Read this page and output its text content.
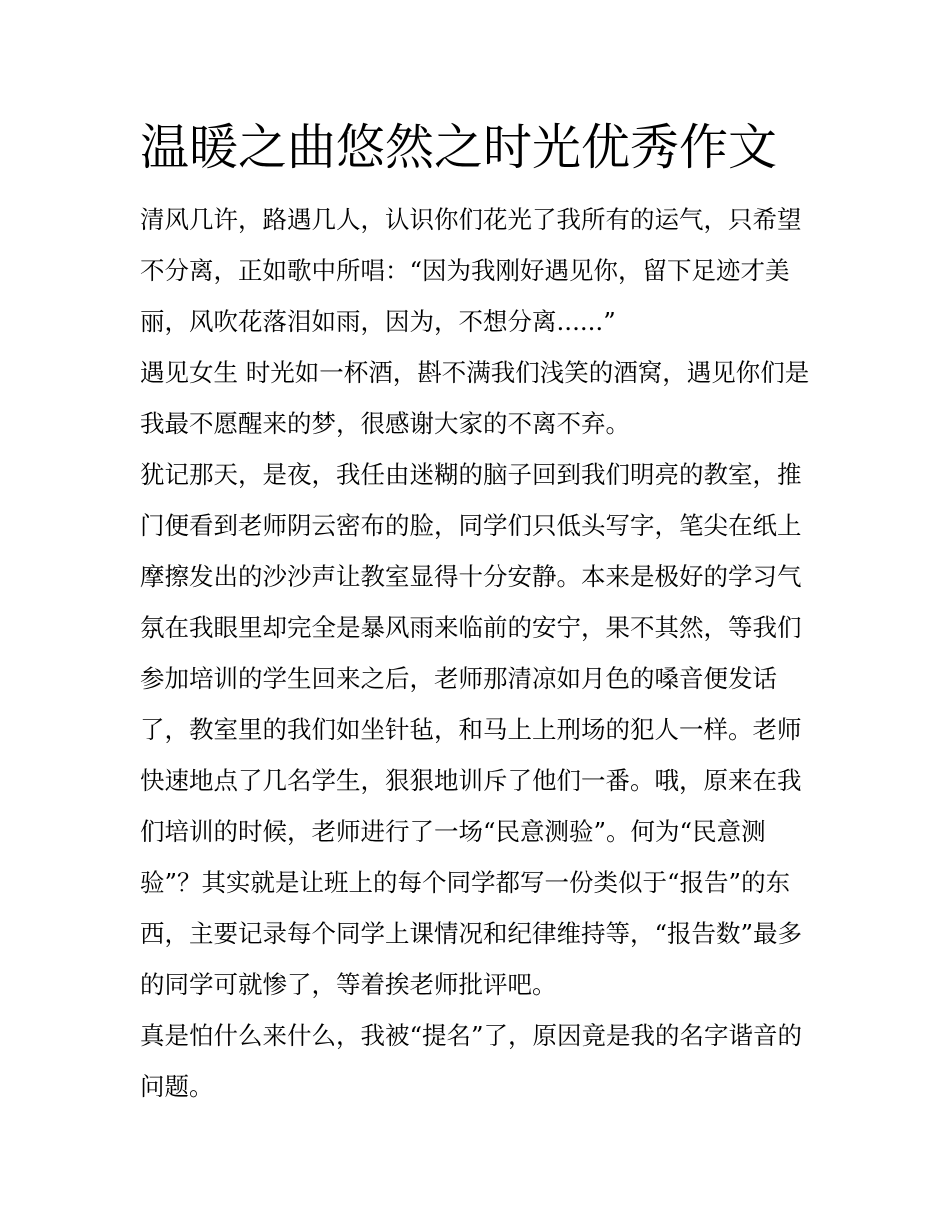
温暖之曲悠然之时光优秀作文

清风几许，路遇几人，认识你们花光了我所有的运气，只希望不分离，正如歌中所唱：“因为我刚好遇见你，留下足迹才美丽，风吹花落泪如雨，因为，不想分离......”

遇见女生 时光如一杯酒，斟不满我们浅笑的酒窝，遇见你们是我最不愿醒来的梦，很感谢大家的不离不弃。

犹记那天，是夜，我任由迷糊的脑子回到我们明亮的教室，推门便看到老师阴云密布的脸，同学们只低头写字，笔尖在纸上摩擦发出的沙沙声让教室显得十分安静。本来是极好的学习气氛在我眼里却完全是暴风雨来临前的安宁，果不其然，等我们参加培训的学生回来之后，老师那清凉如月色的嗓音便发话了，教室里的我们如坐针毡，和马上上刑场的犯人一样。老师快速地点了几名学生，狠狠地训斥了他们一番。哦，原来在我们培训的时候，老师进行了一场“民意测验”。何为“民意测验”？其实就是让班上的每个同学都写一份类似于“报告”的东西，主要记录每个同学上课情况和纪律维持等，“报告数”最多的同学可就惨了，等着挨老师批评吧。

真是怕什么来什么，我被“提名”了，原因竟是我的名字谐音的问题。
